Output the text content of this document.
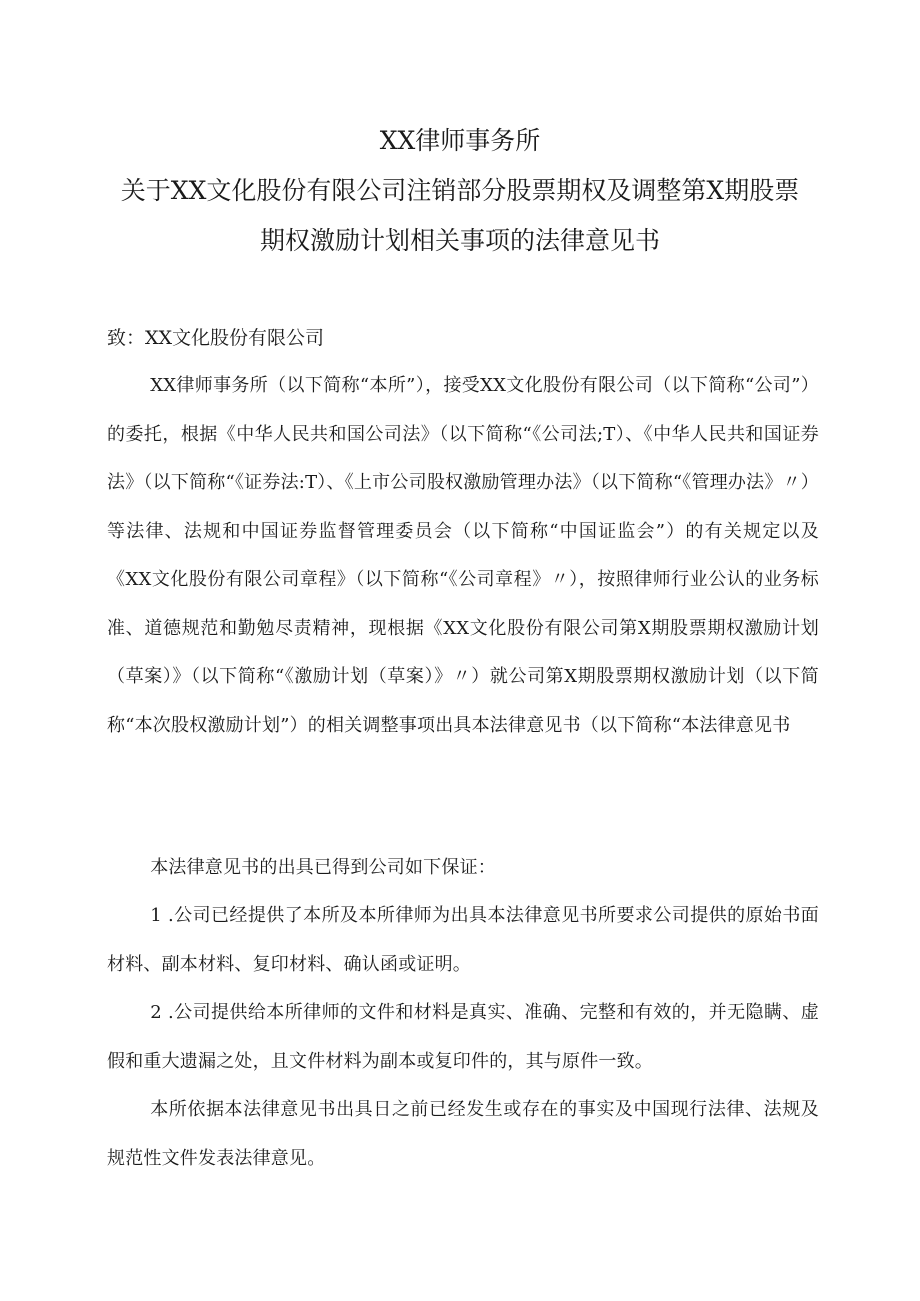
XX律师事务所

关于XX文化股份有限公司注销部分股票期权及调整第X期股票

期权激励计划相关事项的法律意见书

致：XX文化股份有限公司

XX律师事务所（以下简称“本所”），接受XX文化股份有限公司（以下简称“公司”）的委托，根据《中华人民共和国公司法》（以下简称“《公司法;T）、《中华人民共和国证券法》（以下简称“《证券法:T）、《上市公司股权激励管理办法》（以下简称“《管理办法》〃）等法律、法规和中国证券监督管理委员会（以下简称“中国证监会”）的有关规定以及《XX文化股份有限公司章程》（以下简称“《公司章程》〃），按照律师行业公认的业务标准、道德规范和勤勉尽责精神，现根据《XX文化股份有限公司第X期股票期权激励计划（草案）》（以下简称“《激励计划（草案）》〃）就公司第X期股票期权激励计划（以下简称“本次股权激励计划”）的相关调整事项出具本法律意见书（以下简称“本法律意见书

本法律意见书的出具已得到公司如下保证：

1 .公司已经提供了本所及本所律师为出具本法律意见书所要求公司提供的原始书面材料、副本材料、复印材料、确认函或证明。

2 .公司提供给本所律师的文件和材料是真实、准确、完整和有效的，并无隐瞒、虚假和重大遗漏之处，且文件材料为副本或复印件的，其与原件一致。

本所依据本法律意见书出具日之前已经发生或存在的事实及中国现行法律、法规及规范性文件发表法律意见。
